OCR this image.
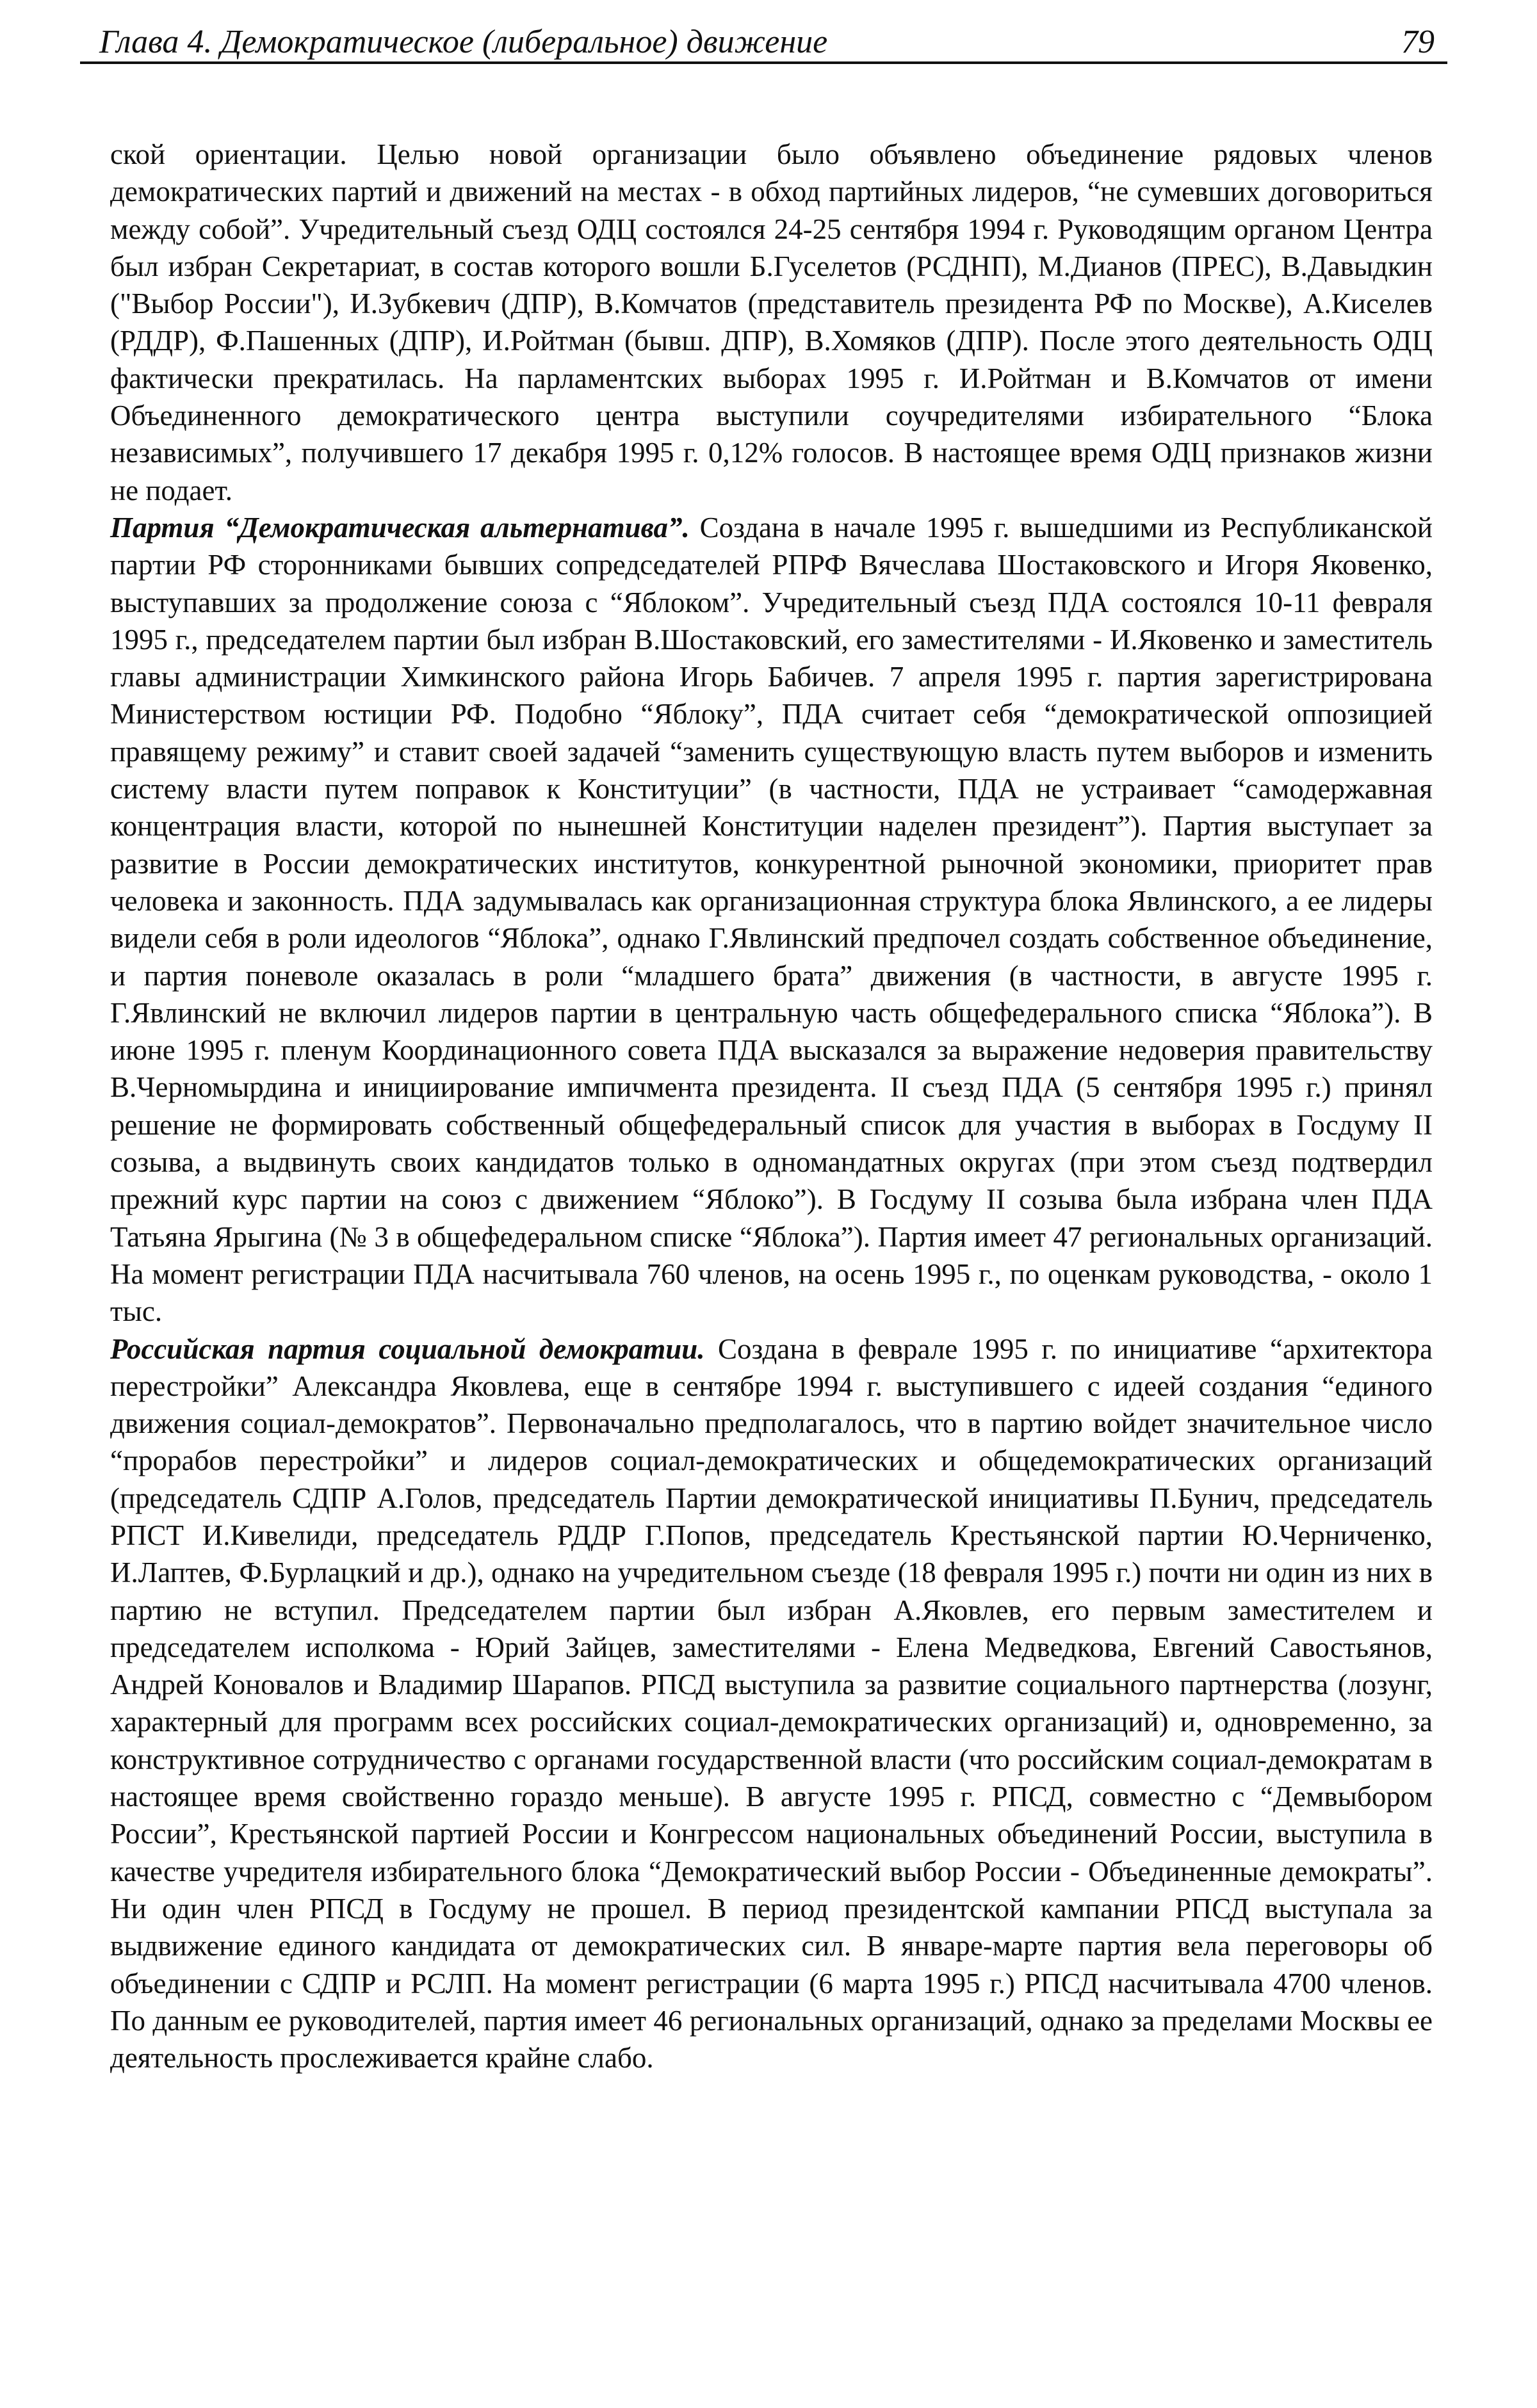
Глава 4. Демократическое (либеральное) движение	79

ской ориентации. Целью новой организации было объявлено объединение рядовых членов демократических партий и движений на местах - в обход партийных лидеров, “не сумевших договориться между собой”. Учредительный съезд ОДЦ состоялся 24-25 сентября 1994 г. Руководящим органом Центра был избран Секретариат, в состав которого вошли Б.Гуселетов (РСДНП), М.Дианов (ПРЕС), В.Давыдкин ("Выбор России"), И.Зубкевич (ДПР), В.Комчатов (представитель президента РФ по Москве), А.Киселев (РДДР), Ф.Пашенных (ДПР), И.Ройтман (бывш. ДПР), В.Хомяков (ДПР). После этого деятельность ОДЦ фактически прекратилась. На парламентских выборах 1995 г. И.Ройтман и В.Комчатов от имени Объединенного демократического центра выступили соучредителями избирательного “Блока независимых”, получившего 17 декабря 1995 г. 0,12% голосов. В настоящее время ОДЦ признаков жизни не подает.

Партия “Демократическая альтернатива”. Создана в начале 1995 г. вышедшими из Республиканской партии РФ сторонниками бывших сопредседателей РПРФ Вячеслава Шостаковского и Игоря Яковенко, выступавших за продолжение союза с “Яблоком”. Учредительный съезд ПДА состоялся 10-11 февраля 1995 г., председателем партии был избран В.Шостаковский, его заместителями - И.Яковенко и заместитель главы администрации Химкинского района Игорь Бабичев. 7 апреля 1995 г. партия зарегистрирована Министерством юстиции РФ. Подобно “Яблоку”, ПДА считает себя “демократической оппозицией правящему режиму” и ставит своей задачей “заменить существующую власть путем выборов и изменить систему власти путем поправок к Конституции” (в частности, ПДА не устраивает “самодержавная концентрация власти, которой по нынешней Конституции наделен президент”). Партия выступает за развитие в России демократических институтов, конкурентной рыночной экономики, приоритет прав человека и законность. ПДА задумывалась как организационная структура блока Явлинского, а ее лидеры видели себя в роли идеологов “Яблока”, однако Г.Явлинский предпочел создать собственное объединение, и партия поневоле оказалась в роли “младшего брата” движения (в частности, в августе 1995 г. Г.Явлинский не включил лидеров партии в центральную часть общефедерального списка “Яблока”). В июне 1995 г. пленум Координационного совета ПДА высказался за выражение недоверия правительству В.Черномырдина и инициирование импичмента президента. II съезд ПДА (5 сентября 1995 г.) принял решение не формировать собственный общефедеральный список для участия в выборах в Госдуму II созыва, а выдвинуть своих кандидатов только в одномандатных округах (при этом съезд подтвердил прежний курс партии на союз с движением “Яблоко”). В Госдуму II созыва была избрана член ПДА Татьяна Ярыгина (№ 3 в общефедеральном списке “Яблока”). Партия имеет 47 региональных организаций. На момент регистрации ПДА насчитывала 760 членов, на осень 1995 г., по оценкам руководства, - около 1 тыс.

Российская партия социальной демократии. Создана в феврале 1995 г. по инициативе “архитектора перестройки” Александра Яковлева, еще в сентябре 1994 г. выступившего с идеей создания “единого движения социал-демократов”. Первоначально предполагалось, что в партию войдет значительное число “прорабов перестройки” и лидеров социал-демократических и общедемократических организаций (председатель СДПР А.Голов, председатель Партии демократической инициативы П.Бунич, председатель РПСТ И.Кивелиди, председатель РДДР Г.Попов, председатель Крестьянской партии Ю.Черниченко, И.Лаптев, Ф.Бурлацкий и др.), однако на учредительном съезде (18 февраля 1995 г.) почти ни один из них в партию не вступил. Председателем партии был избран А.Яковлев, его первым заместителем и председателем исполкома - Юрий Зайцев, заместителями - Елена Медведкова, Евгений Савостьянов, Андрей Коновалов и Владимир Шарапов. РПСД выступила за развитие социального партнерства (лозунг, характерный для программ всех российских социал-демократических организаций) и, одновременно, за конструктивное сотрудничество с органами государственной власти (что российским социал-демократам в настоящее время свойственно гораздо меньше). В августе 1995 г. РПСД, совместно с “Демвыбором России”, Крестьянской партией России и Конгрессом национальных объединений России, выступила в качестве учредителя избирательного блока “Демократический выбор России - Объединенные демократы”. Ни один член РПСД в Госдуму не прошел. В период президентской кампании РПСД выступала за выдвижение единого кандидата от демократических сил. В январе-марте партия вела переговоры об объединении с СДПР и РСЛП. На момент регистрации (6 марта 1995 г.) РПСД насчитывала 4700 членов. По данным ее руководителей, партия имеет 46 региональных организаций, однако за пределами Москвы ее деятельность прослеживается крайне слабо.
